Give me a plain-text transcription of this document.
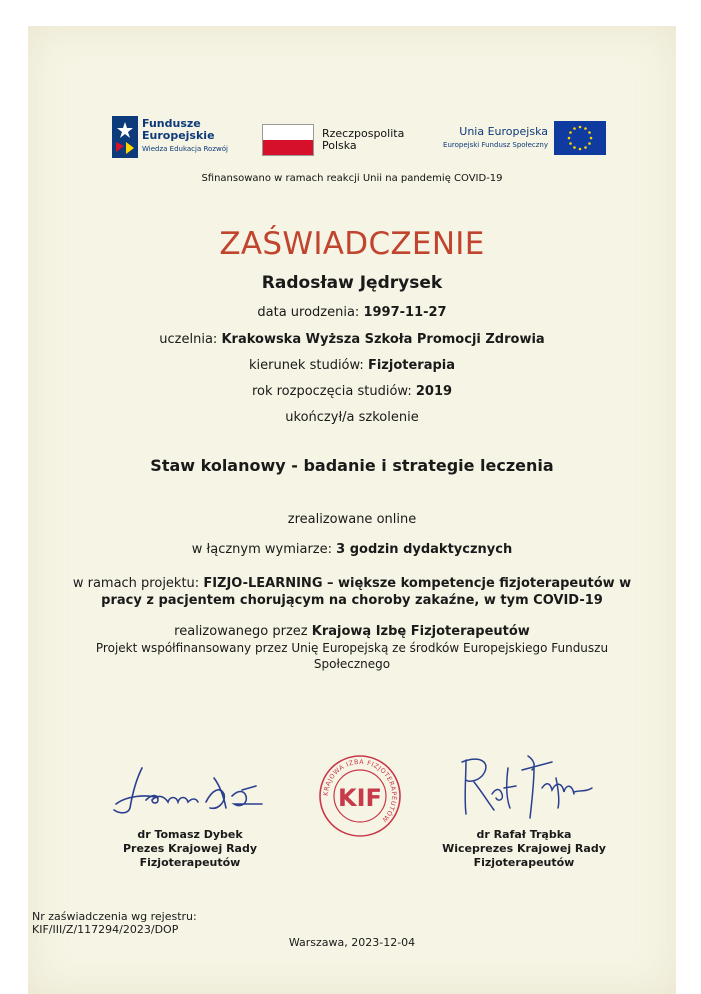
Fundusze
Europejskie
Wiedza Edukacja Rozwój
Rzeczpospolita
Polska
Unia Europejska
Europejski Fundusz Społeczny
Sfinansowano w ramach reakcji Unii na pandemię COVID-19
ZAŚWIADCZENIE
Radosław Jędrysek
data urodzenia: 1997-11-27
uczelnia: Krakowska Wyższa Szkoła Promocji Zdrowia
kierunek studiów: Fizjoterapia
rok rozpoczęcia studiów: 2019
ukończył/a szkolenie
Staw kolanowy - badanie i strategie leczenia
zrealizowane online
w łącznym wymiarze: 3 godzin dydaktycznych
w ramach projektu: FIZJO-LEARNING – większe kompetencje fizjoterapeutów w
pracy z pacjentem chorującym na choroby zakaźne, w tym COVID-19
realizowanego przez Krajową Izbę Fizjoterapeutów
Projekt współfinansowany przez Unię Europejską ze środków Europejskiego Funduszu
Społecznego
KRAJOWA IZBA FIZJOTERAPEUTÓW
KIF
dr Tomasz Dybek
Prezes Krajowej Rady
Fizjoterapeutów
dr Rafał Trąbka
Wiceprezes Krajowej Rady
Fizjoterapeutów
Nr zaświadczenia wg rejestru:
KIF/III/Z/117294/2023/DOP
Warszawa, 2023-12-04
